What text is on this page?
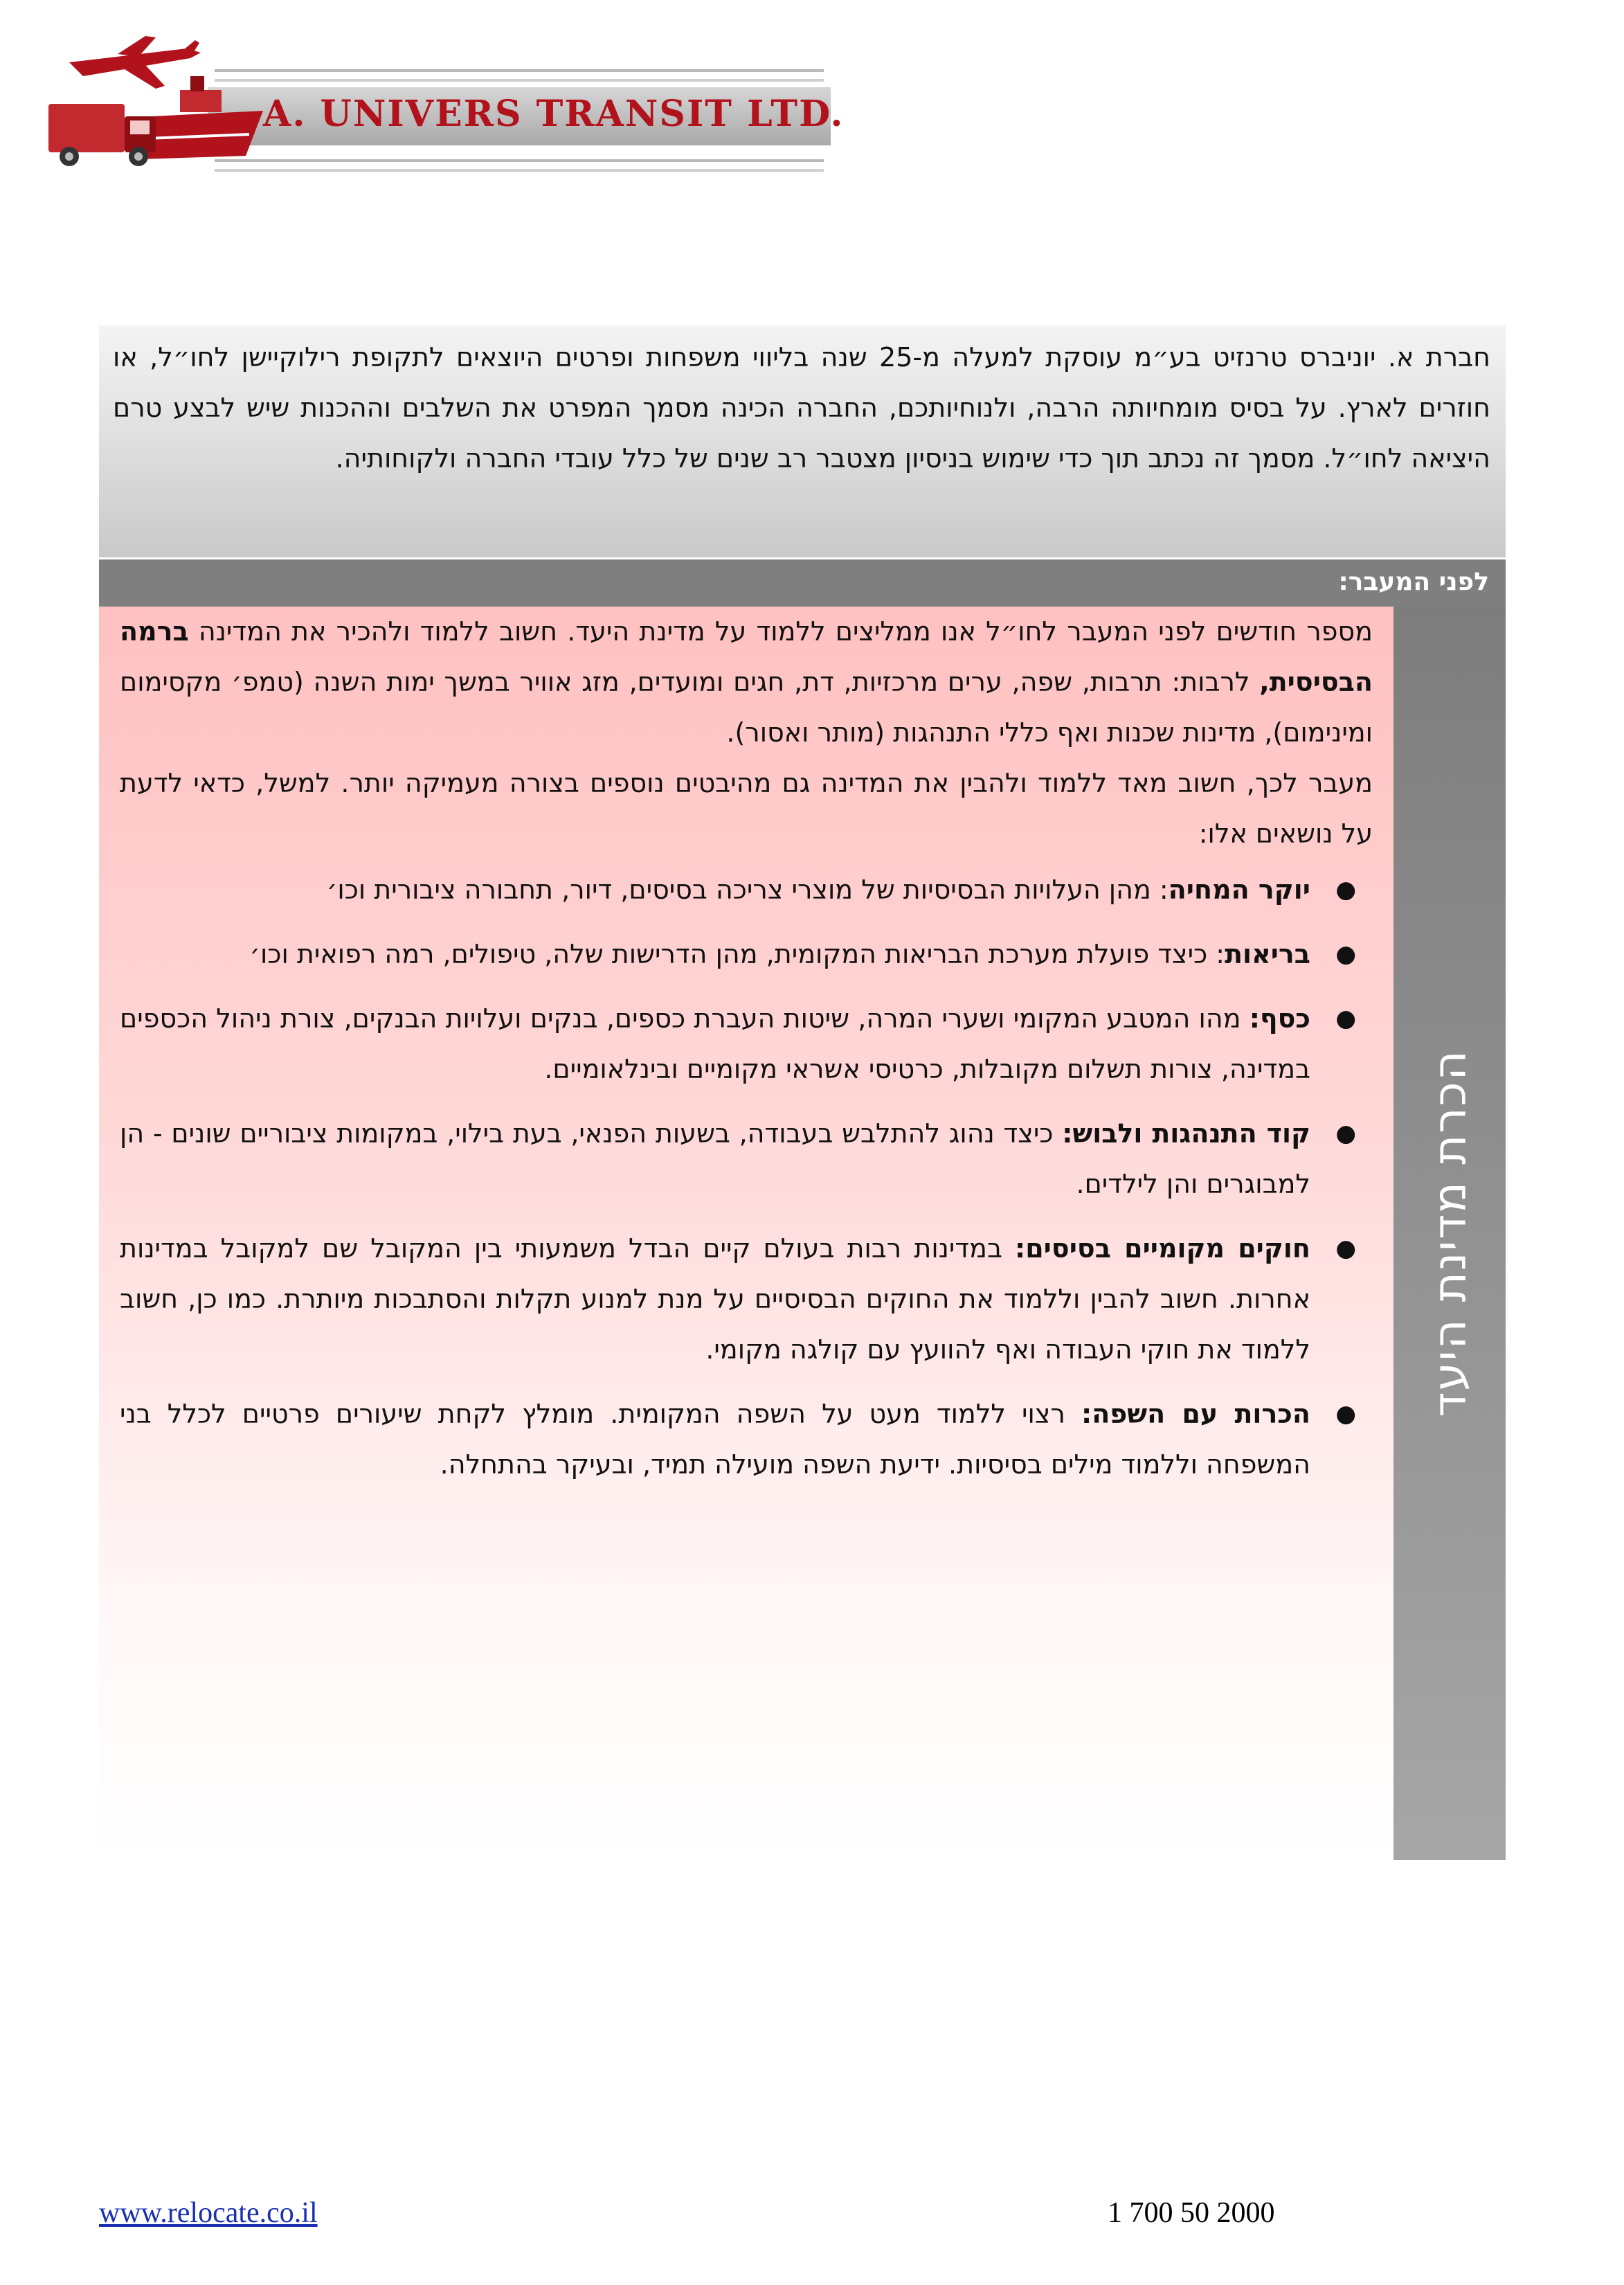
A. UNIVERS TRANSIT LTD.

חברת א. יוניברס טרנזיט בע״מ עוסקת למעלה מ-25 שנה בליווי משפחות ופרטים היוצאים לתקופת רילוקיישן לחו״ל, או חוזרים לארץ. על בסיס מומחיותה הרבה, ולנוחיותכם, החברה הכינה מסמך המפרט את השלבים וההכנות שיש לבצע טרם היציאה לחו״ל. מסמך זה נכתב תוך כדי שימוש בניסיון מצטבר רב שנים של כלל עובדי החברה ולקוחותיה.

לפני המעבר:

מספר חודשים לפני המעבר לחו״ל אנו ממליצים ללמוד על מדינת היעד. חשוב ללמוד ולהכיר את המדינה ברמה הבסיסית, לרבות: תרבות, שפה, ערים מרכזיות, דת, חגים ומועדים, מזג אוויר במשך ימות השנה (טמפ׳ מקסימום ומינימום), מדינות שכנות ואף כללי התנהגות (מותר ואסור).

מעבר לכך, חשוב מאד ללמוד ולהבין את המדינה גם מהיבטים נוספים בצורה מעמיקה יותר. למשל, כדאי לדעת על נושאים אלו:

●
יוקר המחיה: מהן העלויות הבסיסיות של מוצרי צריכה בסיסים, דיור, תחבורה ציבורית וכו׳
●
בריאות: כיצד פועלת מערכת הבריאות המקומית, מהן הדרישות שלה, טיפולים, רמה רפואית וכו׳
●
כסף: מהו המטבע המקומי ושערי המרה, שיטות העברת כספים, בנקים ועלויות הבנקים, צורת ניהול הכספים במדינה, צורות תשלום מקובלות, כרטיסי אשראי מקומיים ובינלאומיים.
●
קוד התנהגות ולבוש: כיצד נהוג להתלבש בעבודה, בשעות הפנאי, בעת בילוי, במקומות ציבוריים שונים - הן למבוגרים והן לילדים.
●
חוקים מקומיים בסיסים: במדינות רבות בעולם קיים הבדל משמעותי בין המקובל שם למקובל במדינות אחרות. חשוב להבין וללמוד את החוקים הבסיסיים על מנת למנוע תקלות והסתבכות מיותרת. כמו כן, חשוב ללמוד את חוקי העבודה ואף להוועץ עם קולגה מקומי.
●
הכרות עם השפה: רצוי ללמוד מעט על השפה המקומית. מומלץ לקחת שיעורים פרטיים לכלל בני המשפחה וללמוד מילים בסיסיות. ידיעת השפה מועילה תמיד, ובעיקר בהתחלה.
הכרת מדינת היעד
www.relocate.co.il	1 700 50 2000
